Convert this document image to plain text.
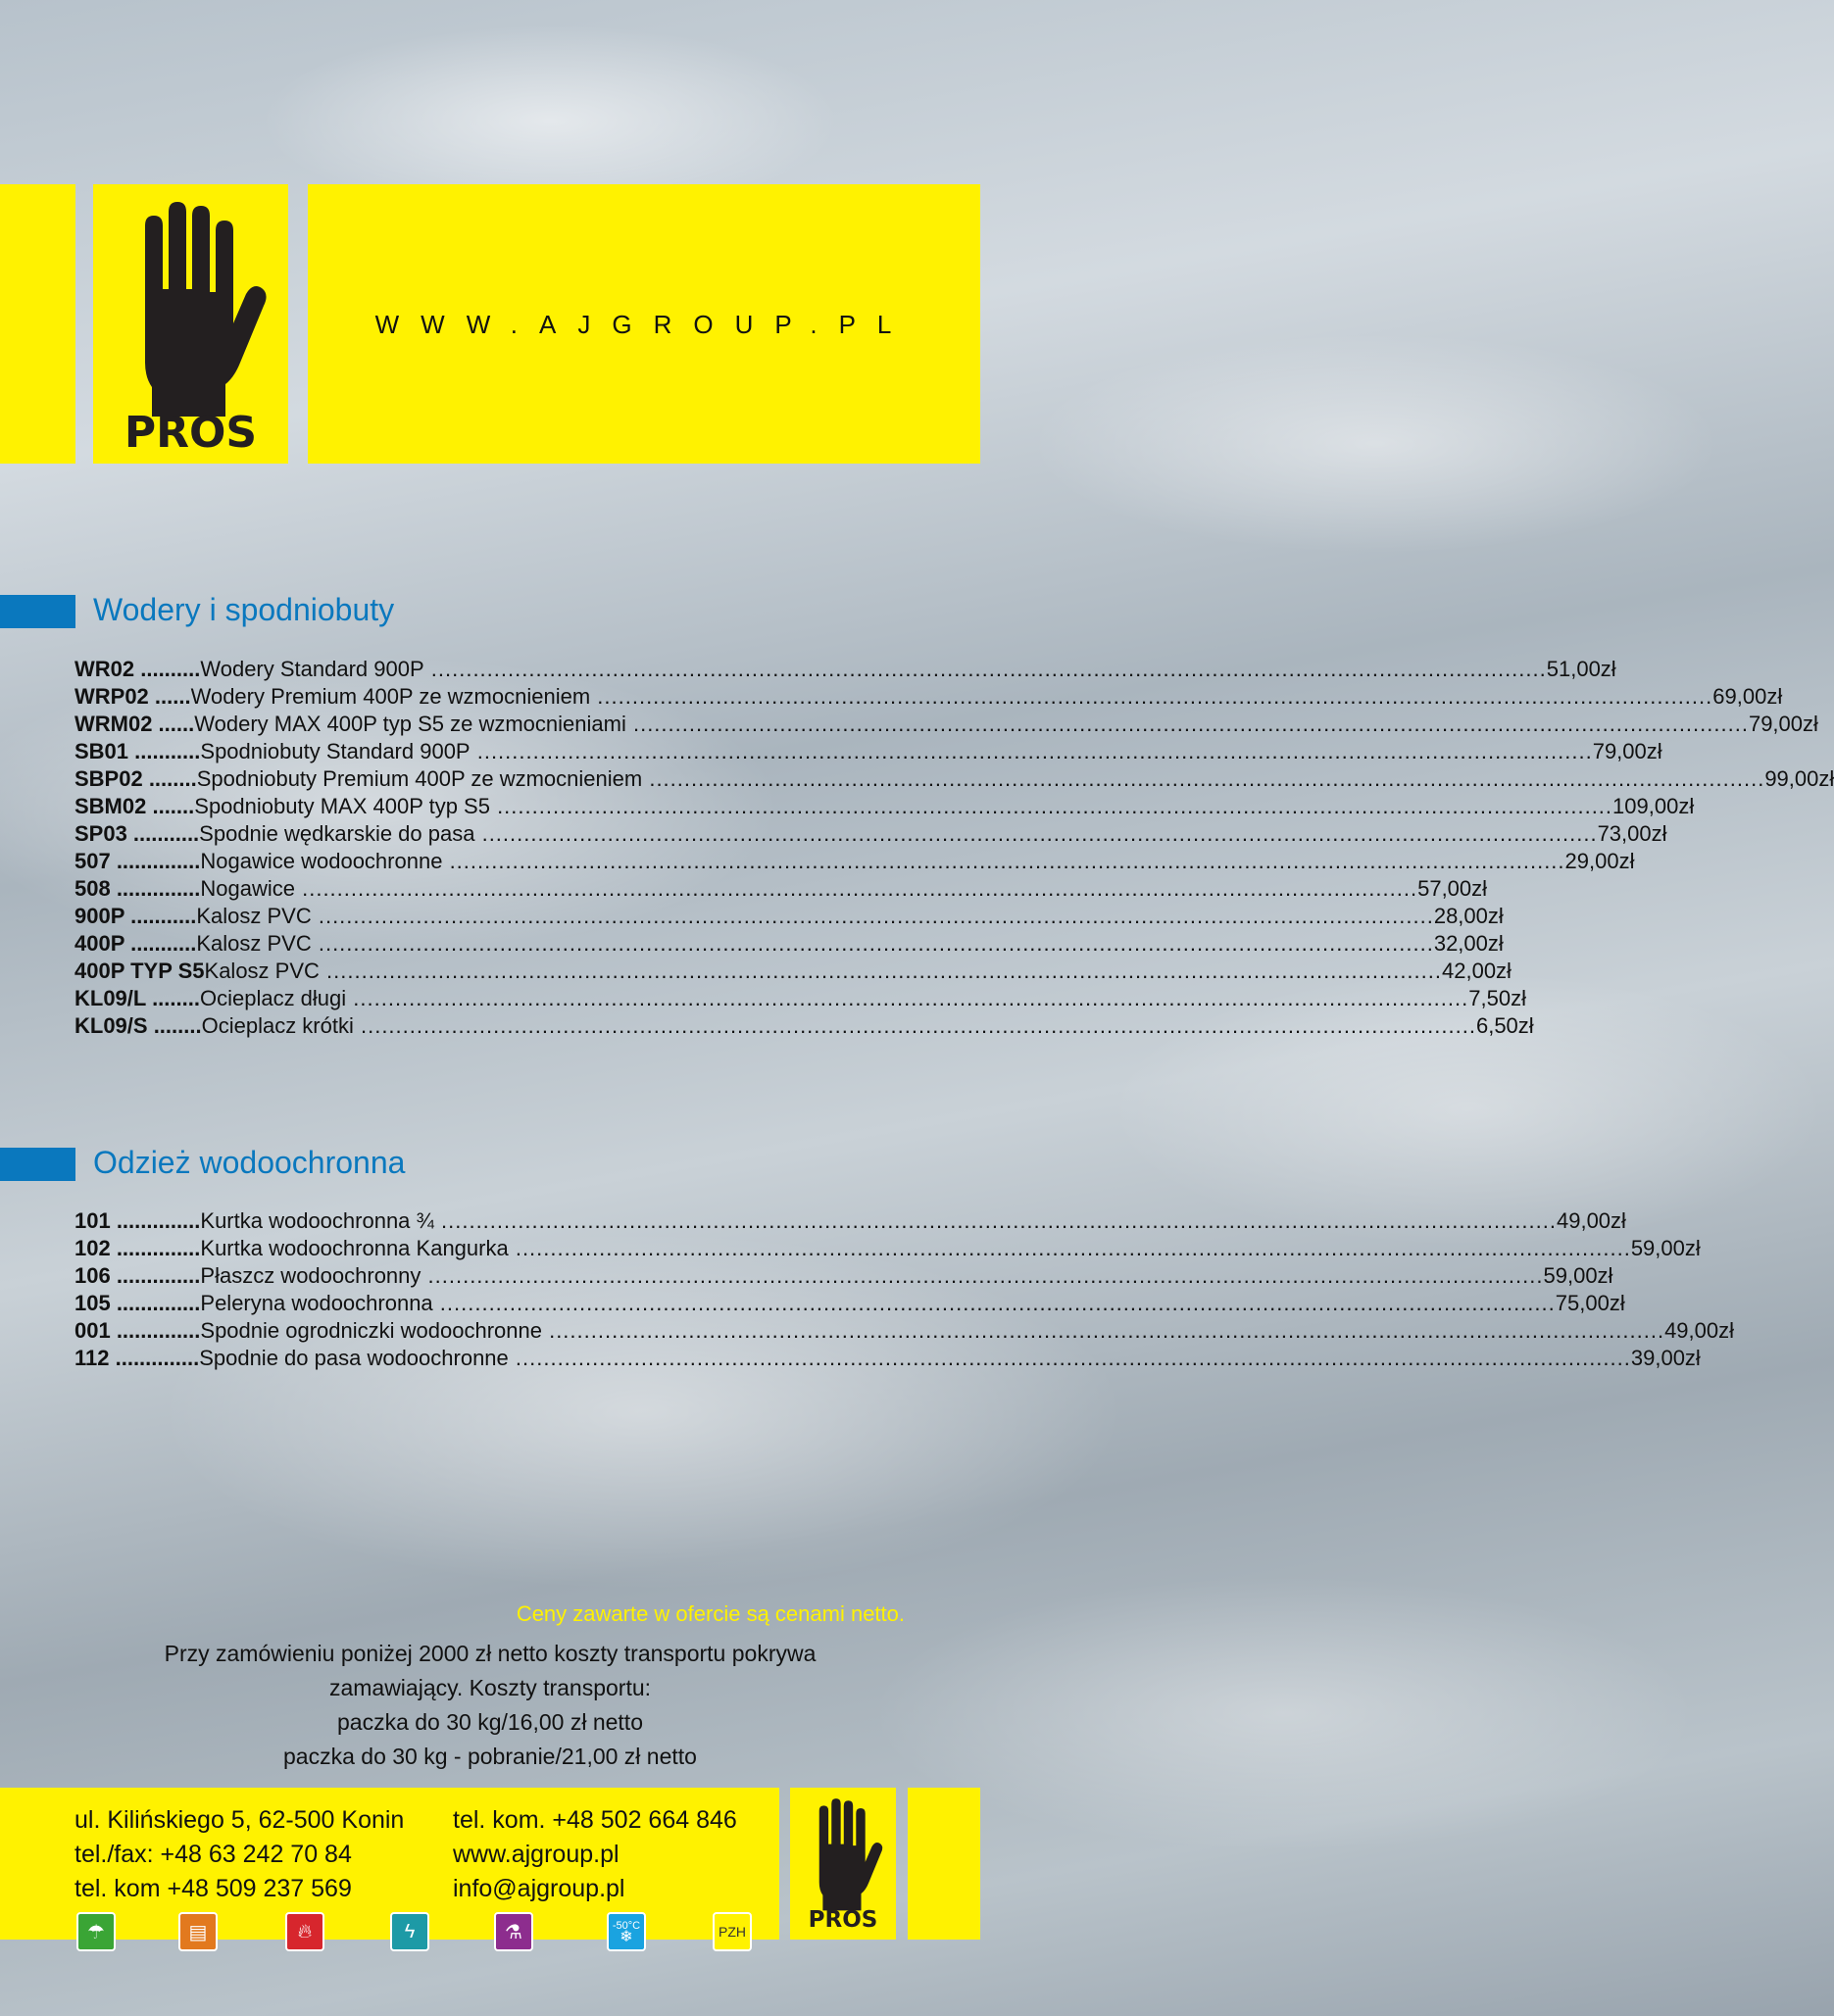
PROS
WWW.AJGROUP.PL
Wodery i spodniobuty
WR02 .......... Wodery Standard 900P ................................................................................................................................................................ 51,00zł
WRP02 ...... Wodery Premium 400P ze wzmocnieniem ................................................................................................................................................................ 69,00zł
WRM02 ...... Wodery MAX 400P typ S5 ze wzmocnieniami ................................................................................................................................................................ 79,00zł
SB01 ........... Spodniobuty Standard 900P ................................................................................................................................................................ 79,00zł
SBP02 ........ Spodniobuty Premium 400P ze wzmocnieniem ................................................................................................................................................................ 99,00zł
SBM02 ....... Spodniobuty MAX 400P typ S5 ................................................................................................................................................................ 109,00zł
SP03 ........... Spodnie wędkarskie do pasa ................................................................................................................................................................ 73,00zł
507 .............. Nogawice wodoochronne ................................................................................................................................................................ 29,00zł
508 .............. Nogawice ................................................................................................................................................................ 57,00zł
900P ........... Kalosz PVC ................................................................................................................................................................ 28,00zł
400P ........... Kalosz PVC ................................................................................................................................................................ 32,00zł
400P TYP S5 Kalosz PVC ................................................................................................................................................................ 42,00zł
KL09/L ........ Ocieplacz długi ................................................................................................................................................................ 7,50zł
KL09/S ........ Ocieplacz krótki ................................................................................................................................................................ 6,50zł
Odzież wodoochronna
101 .............. Kurtka wodoochronna ¾ ................................................................................................................................................................ 49,00zł
102 .............. Kurtka wodoochronna Kangurka ................................................................................................................................................................ 59,00zł
106 .............. Płaszcz wodoochronny ................................................................................................................................................................ 59,00zł
105 .............. Peleryna wodoochronna ................................................................................................................................................................ 75,00zł
001 .............. Spodnie ogrodniczki wodoochronne ................................................................................................................................................................ 49,00zł
112 .............. Spodnie do pasa wodoochronne ................................................................................................................................................................ 39,00zł
Ceny zawarte w ofercie są cenami netto.
Przy zamówieniu poniżej 2000 zł netto koszty transportu pokrywa
zamawiający. Koszty transportu:
paczka do 30 kg/16,00 zł netto
paczka do 30 kg - pobranie/21,00 zł netto
ul. Kilińskiego 5, 62-500 Konin
tel./fax: +48 63 242 70 84
tel. kom +48 509 237 569
tel. kom. +48 502 664 846
www.ajgroup.pl
info@ajgroup.pl
☂	▤	🔥︎	ϟ	⚗	-50°C
❄	PZH	PROS
